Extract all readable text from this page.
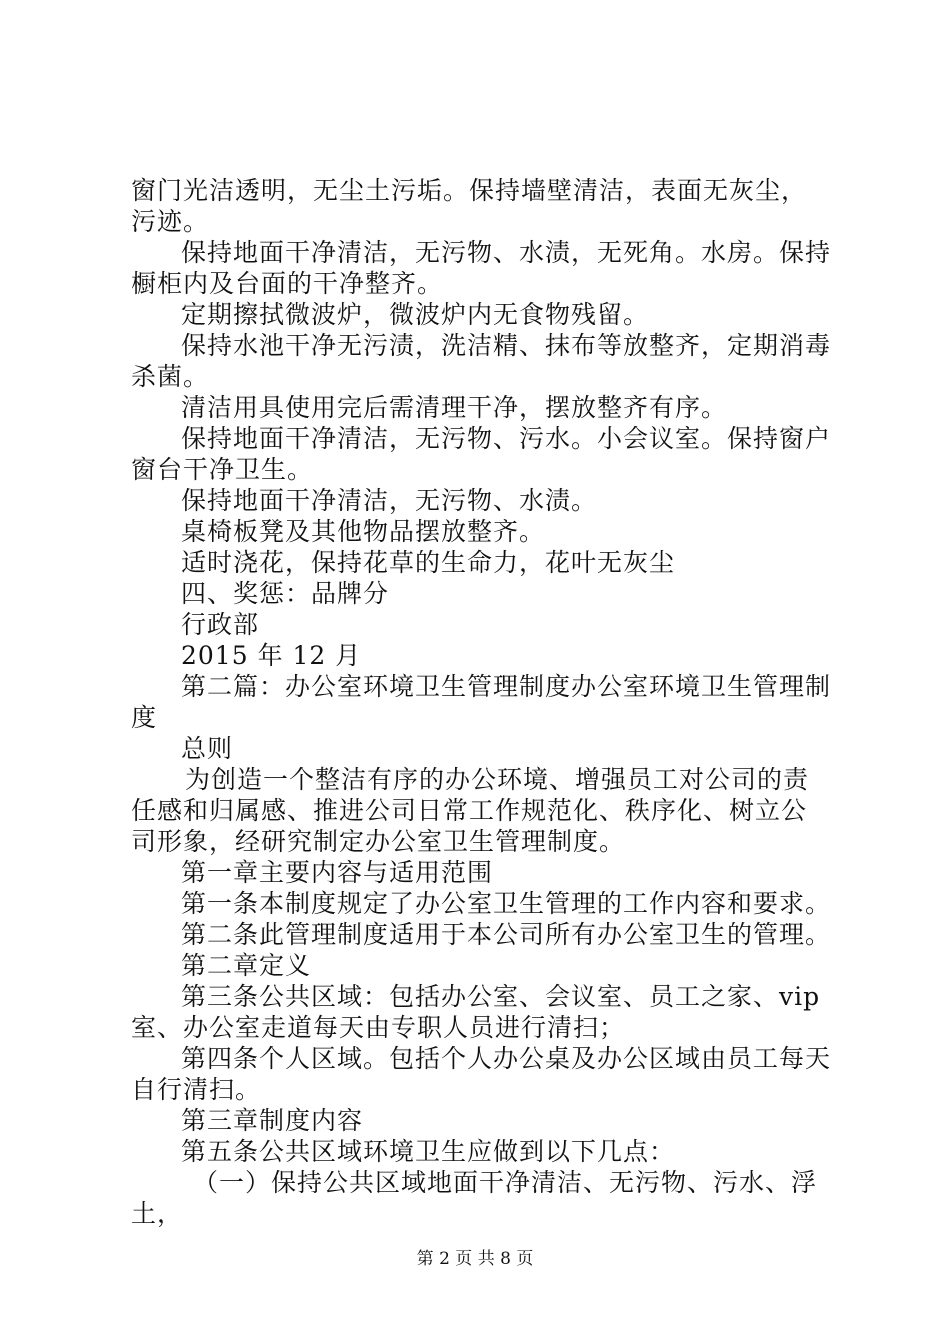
窗门光洁透明，无尘土污垢。保持墙壁清洁，表面无灰尘，污迹。

保持地面干净清洁，无污物、水渍，无死角。水房。保持橱柜内及台面的干净整齐。

定期擦拭微波炉，微波炉内无食物残留。

保持水池干净无污渍，洗洁精、抹布等放整齐，定期消毒杀菌。

清洁用具使用完后需清理干净，摆放整齐有序。

保持地面干净清洁，无污物、污水。小会议室。保持窗户窗台干净卫生。

保持地面干净清洁，无污物、水渍。

桌椅板凳及其他物品摆放整齐。

适时浇花，保持花草的生命力，花叶无灰尘

四、奖惩：品牌分

行政部

2015 年 12 月

第二篇：办公室环境卫生管理制度办公室环境卫生管理制度

总则

为创造一个整洁有序的办公环境、增强员工对公司的责任感和归属感、推进公司日常工作规范化、秩序化、树立公司形象，经研究制定办公室卫生管理制度。

第一章主要内容与适用范围

第一条本制度规定了办公室卫生管理的工作内容和要求。

第二条此管理制度适用于本公司所有办公室卫生的管理。

第二章定义

第三条公共区域：包括办公室、会议室、员工之家、vip室、办公室走道每天由专职人员进行清扫；

第四条个人区域。包括个人办公桌及办公区域由员工每天自行清扫。

第三章制度内容

第五条公共区域环境卫生应做到以下几点：

（一）保持公共区域地面干净清洁、无污物、污水、浮土，

第 2 页 共 8 页
